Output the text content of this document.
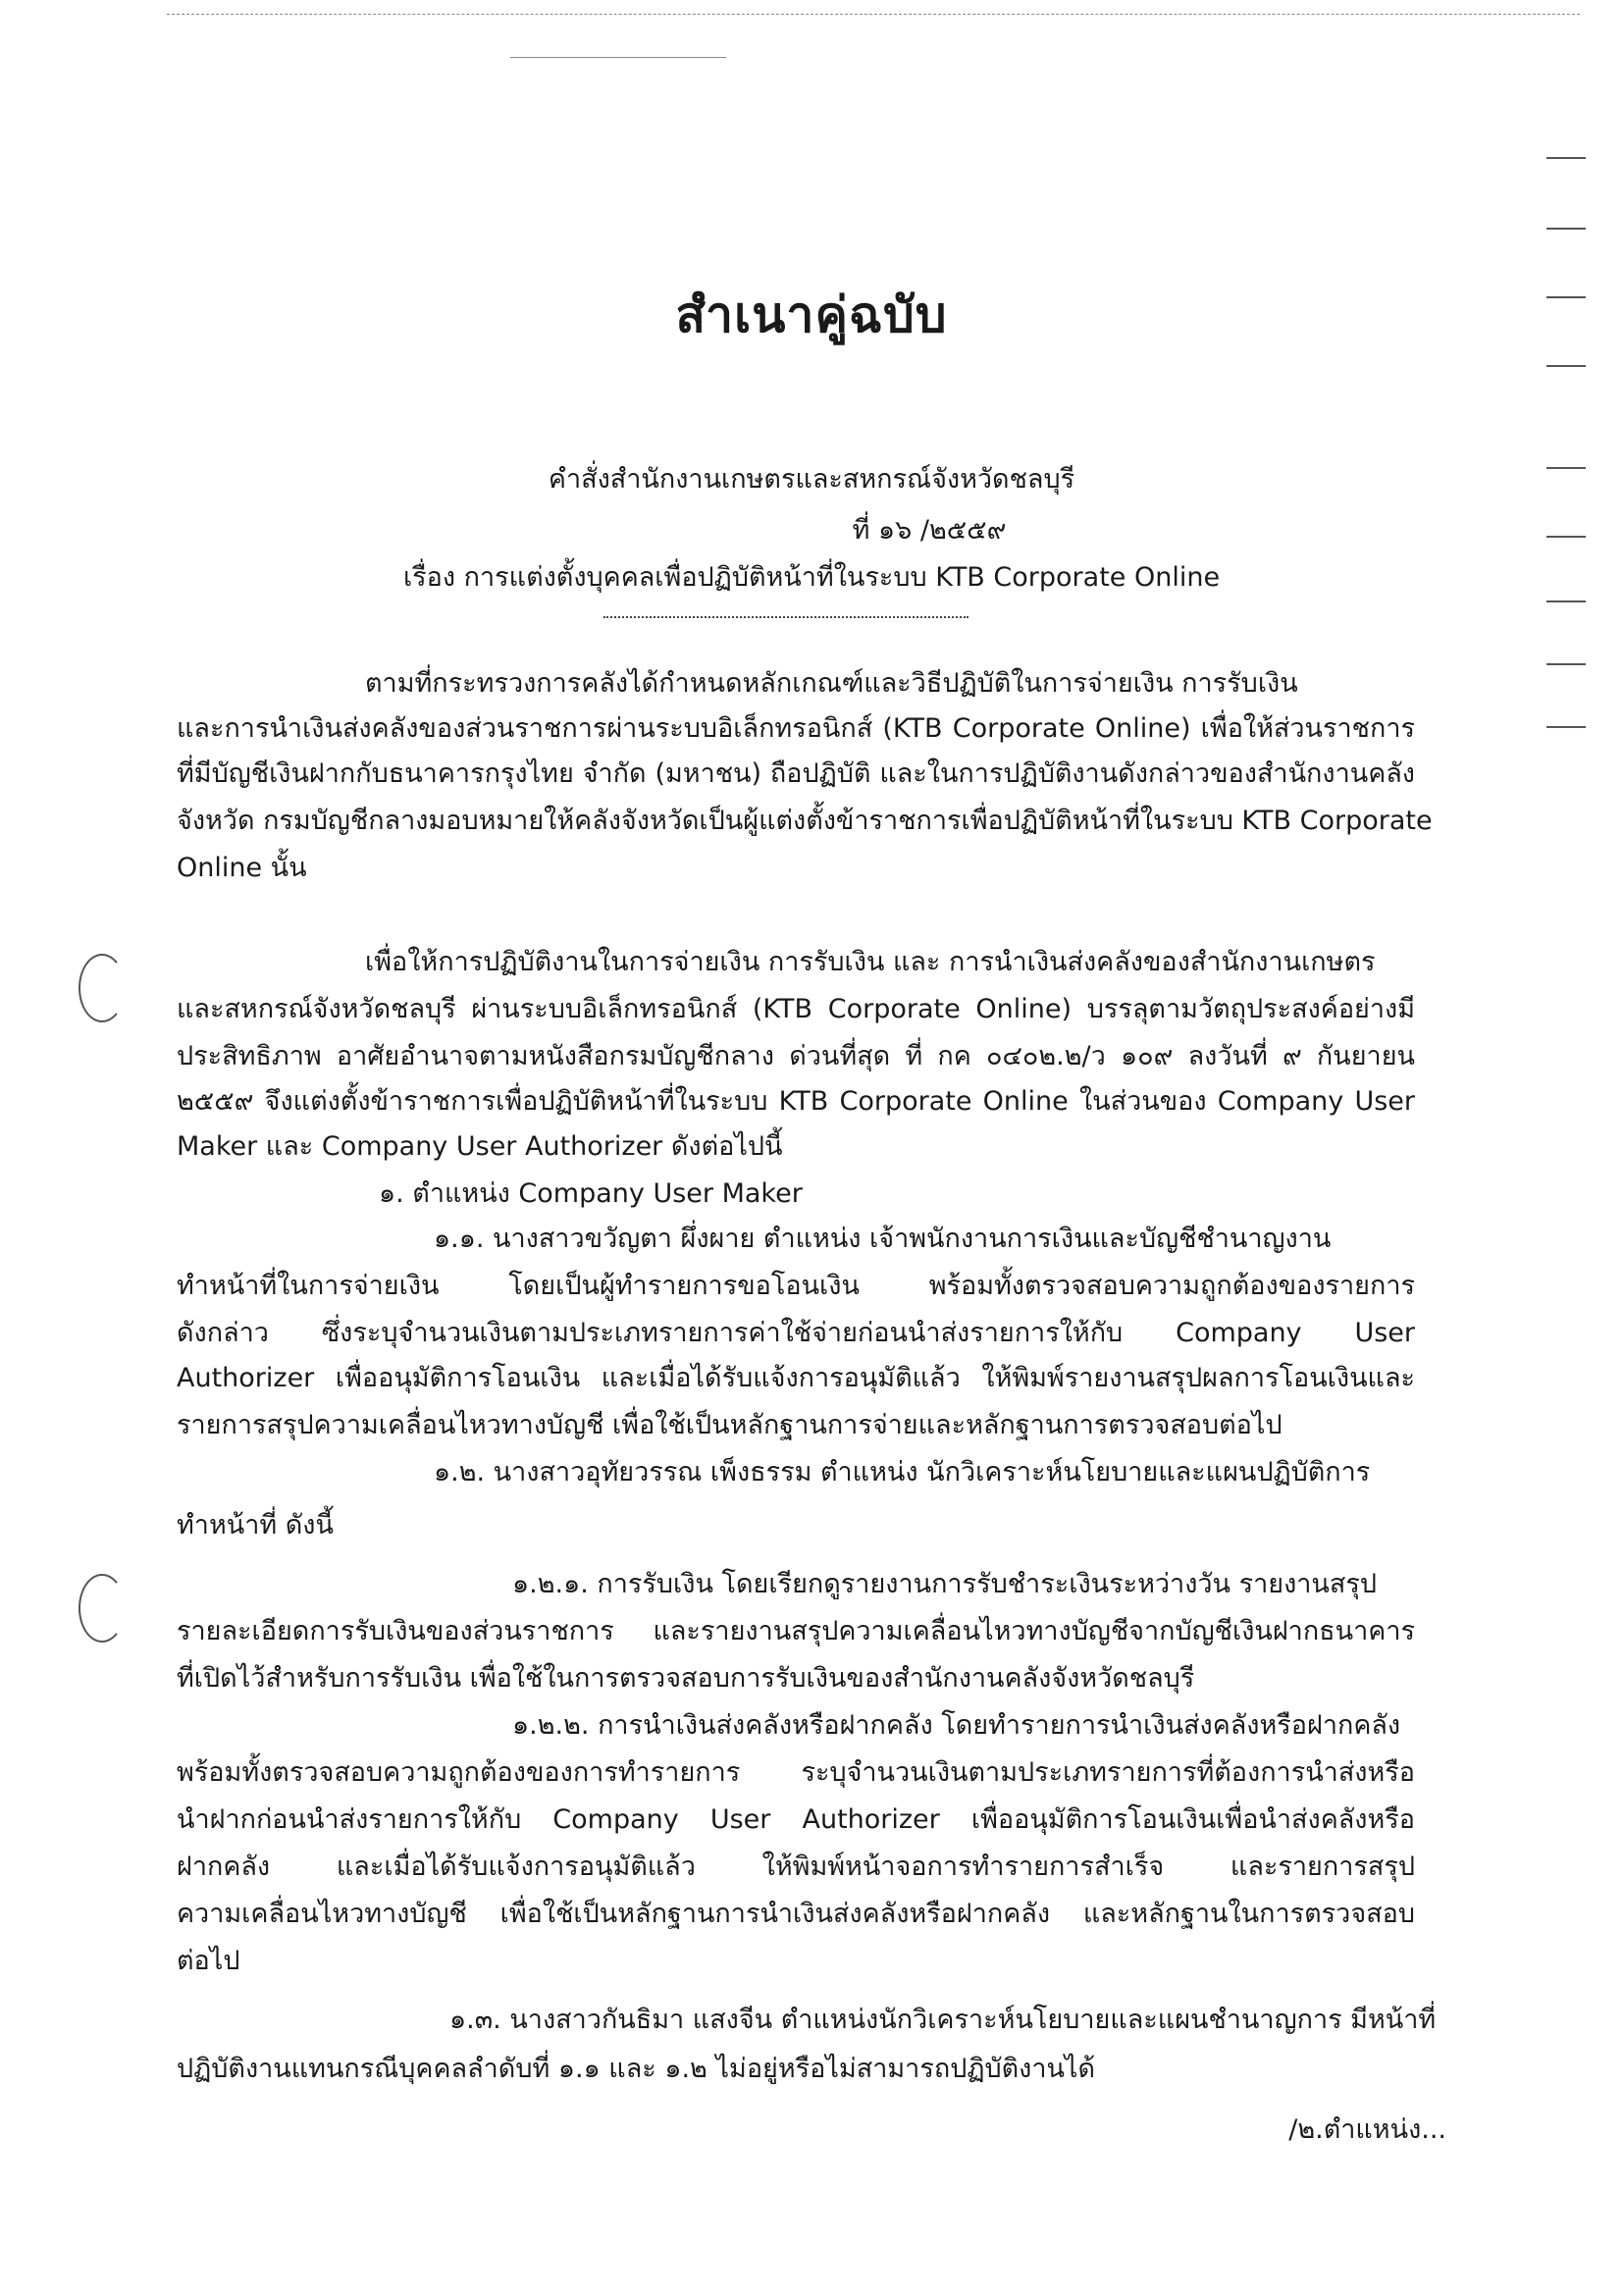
สำเนาคู่ฉบับ
คำสั่งสำนักงานเกษตรและสหกรณ์จังหวัดชลบุรี
ที่ ๑๖ /๒๕๕๙
เรื่อง การแต่งตั้งบุคคลเพื่อปฏิบัติหน้าที่ในระบบ KTB Corporate Online
ตามที่กระทรวงการคลังได้กำหนดหลักเกณฑ์และวิธีปฏิบัติในการจ่ายเงิน การรับเงิน
และการนำเงินส่งคลังของส่วนราชการผ่านระบบอิเล็กทรอนิกส์ (KTB Corporate Online) เพื่อให้ส่วนราชการ
ที่มีบัญชีเงินฝากกับธนาคารกรุงไทย จำกัด (มหาชน) ถือปฏิบัติ และในการปฏิบัติงานดังกล่าวของสำนักงานคลัง
จังหวัด กรมบัญชีกลางมอบหมายให้คลังจังหวัดเป็นผู้แต่งตั้งข้าราชการเพื่อปฏิบัติหน้าที่ในระบบ KTB Corporate
Online นั้น
เพื่อให้การปฏิบัติงานในการจ่ายเงิน การรับเงิน และ การนำเงินส่งคลังของสำนักงานเกษตร
และสหกรณ์จังหวัดชลบุรี ผ่านระบบอิเล็กทรอนิกส์ (KTB Corporate Online) บรรลุตามวัตถุประสงค์อย่างมี
ประสิทธิภาพ อาศัยอำนาจตามหนังสือกรมบัญชีกลาง ด่วนที่สุด ที่ กค ๐๔๐๒.๒/ว ๑๐๙ ลงวันที่ ๙ กันยายน
๒๕๕๙ จึงแต่งตั้งข้าราชการเพื่อปฏิบัติหน้าที่ในระบบ KTB Corporate Online ในส่วนของ Company User
Maker และ Company User Authorizer ดังต่อไปนี้
๑. ตำแหน่ง Company User Maker
๑.๑. นางสาวขวัญตา ผึ่งผาย ตำแหน่ง เจ้าพนักงานการเงินและบัญชีชำนาญงาน
ทำหน้าที่ในการจ่ายเงิน โดยเป็นผู้ทำรายการขอโอนเงิน พร้อมทั้งตรวจสอบความถูกต้องของรายการ
ดังกล่าว ซึ่งระบุจำนวนเงินตามประเภทรายการค่าใช้จ่ายก่อนนำส่งรายการให้กับ Company User
Authorizer เพื่ออนุมัติการโอนเงิน และเมื่อได้รับแจ้งการอนุมัติแล้ว ให้พิมพ์รายงานสรุปผลการโอนเงินและ
รายการสรุปความเคลื่อนไหวทางบัญชี เพื่อใช้เป็นหลักฐานการจ่ายและหลักฐานการตรวจสอบต่อไป
๑.๒. นางสาวอุทัยวรรณ เพ็งธรรม ตำแหน่ง นักวิเคราะห์นโยบายและแผนปฏิบัติการ
ทำหน้าที่ ดังนี้
๑.๒.๑. การรับเงิน โดยเรียกดูรายงานการรับชำระเงินระหว่างวัน รายงานสรุป
รายละเอียดการรับเงินของส่วนราชการ และรายงานสรุปความเคลื่อนไหวทางบัญชีจากบัญชีเงินฝากธนาคาร
ที่เปิดไว้สำหรับการรับเงิน เพื่อใช้ในการตรวจสอบการรับเงินของสำนักงานคลังจังหวัดชลบุรี
๑.๒.๒. การนำเงินส่งคลังหรือฝากคลัง โดยทำรายการนำเงินส่งคลังหรือฝากคลัง
พร้อมทั้งตรวจสอบความถูกต้องของการทำรายการ ระบุจำนวนเงินตามประเภทรายการที่ต้องการนำส่งหรือ
นำฝากก่อนนำส่งรายการให้กับ Company User Authorizer เพื่ออนุมัติการโอนเงินเพื่อนำส่งคลังหรือ
ฝากคลัง และเมื่อได้รับแจ้งการอนุมัติแล้ว ให้พิมพ์หน้าจอการทำรายการสำเร็จ และรายการสรุป
ความเคลื่อนไหวทางบัญชี เพื่อใช้เป็นหลักฐานการนำเงินส่งคลังหรือฝากคลัง และหลักฐานในการตรวจสอบ
ต่อไป
๑.๓. นางสาวกันธิมา แสงจีน ตำแหน่งนักวิเคราะห์นโยบายและแผนชำนาญการ มีหน้าที่
ปฏิบัติงานแทนกรณีบุคคลลำดับที่ ๑.๑ และ ๑.๒ ไม่อยู่หรือไม่สามารถปฏิบัติงานได้
/๒.ตำแหน่ง...
